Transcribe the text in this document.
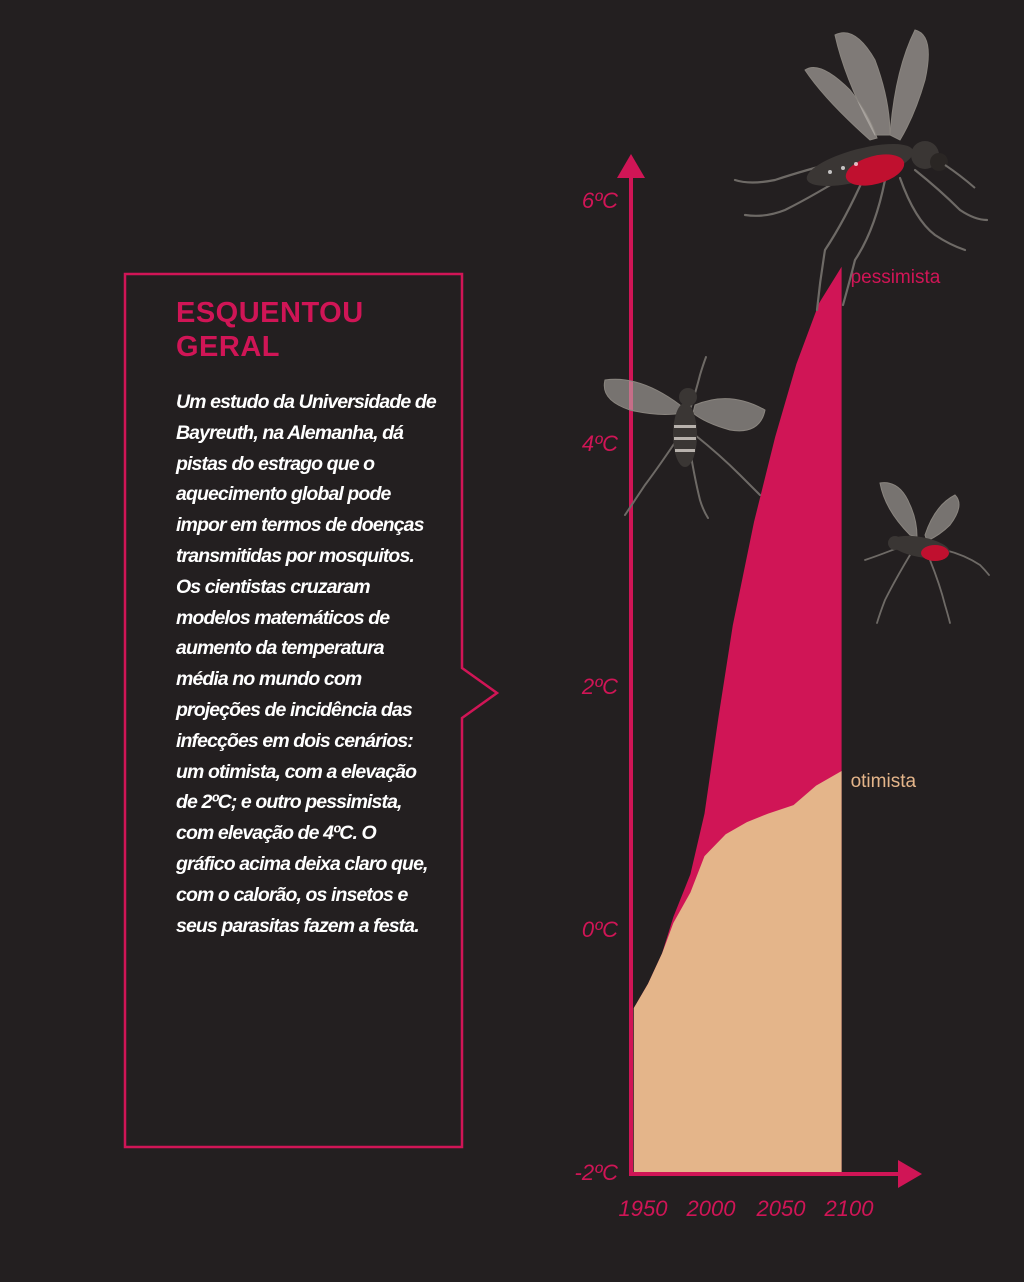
ESQUENTOU GERAL

Um estudo da Universidade de Bayreuth, na Alemanha, dá pistas do estrago que o aquecimento global pode impor em termos de doenças transmitidas por mosquitos. Os cientistas cruzaram modelos matemáticos de aumento da temperatura média no mundo com projeções de incidência das infecções em dois cenários: um otimista, com a elevação de 2ºC; e outro pessimista, com elevação de 4ºC. O gráfico acima deixa claro que, com o calorão, os insetos e seus parasitas fazem a festa.

-2ºC
0ºC
2ºC
4ºC
6ºC
1950 2000 2050 2100
pessimista
otimista
